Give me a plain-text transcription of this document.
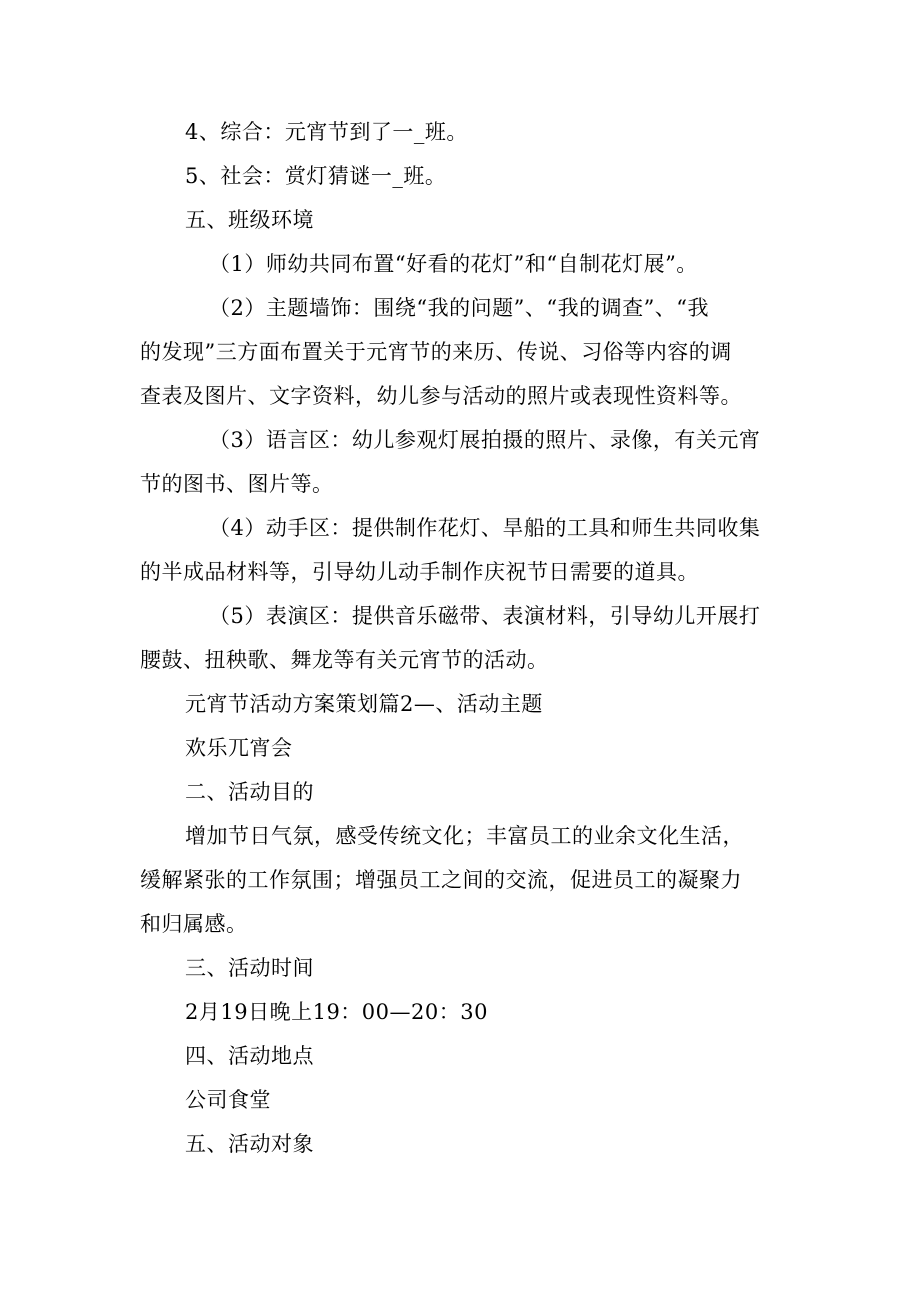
4、综合：元宵节到了一_班。
5、社会：赏灯猜谜一_班。
五、班级环境
（1）师幼共同布置“好看的花灯”和“自制花灯展”。
（2）主题墙饰：围绕“我的问题”、“我的调查”、“我
的发现”三方面布置关于元宵节的来历、传说、习俗等内容的调
查表及图片、文字资料，幼儿参与活动的照片或表现性资料等。
（3）语言区：幼儿参观灯展拍摄的照片、录像，有关元宵
节的图书、图片等。
（4）动手区：提供制作花灯、旱船的工具和师生共同收集
的半成品材料等，引导幼儿动手制作庆祝节日需要的道具。
（5）表演区：提供音乐磁带、表演材料，引导幼儿开展打
腰鼓、扭秧歌、舞龙等有关元宵节的活动。
元宵节活动方案策划篇2—、活动主题
欢乐兀宵会
二、活动目的
增加节日气氛，感受传统文化；丰富员工的业余文化生活，
缓解紧张的工作氛围；增强员工之间的交流，促进员工的凝聚力
和归属感。
三、活动时间
2月19日晚上19：00—20：30
四、活动地点
公司食堂
五、活动对象
